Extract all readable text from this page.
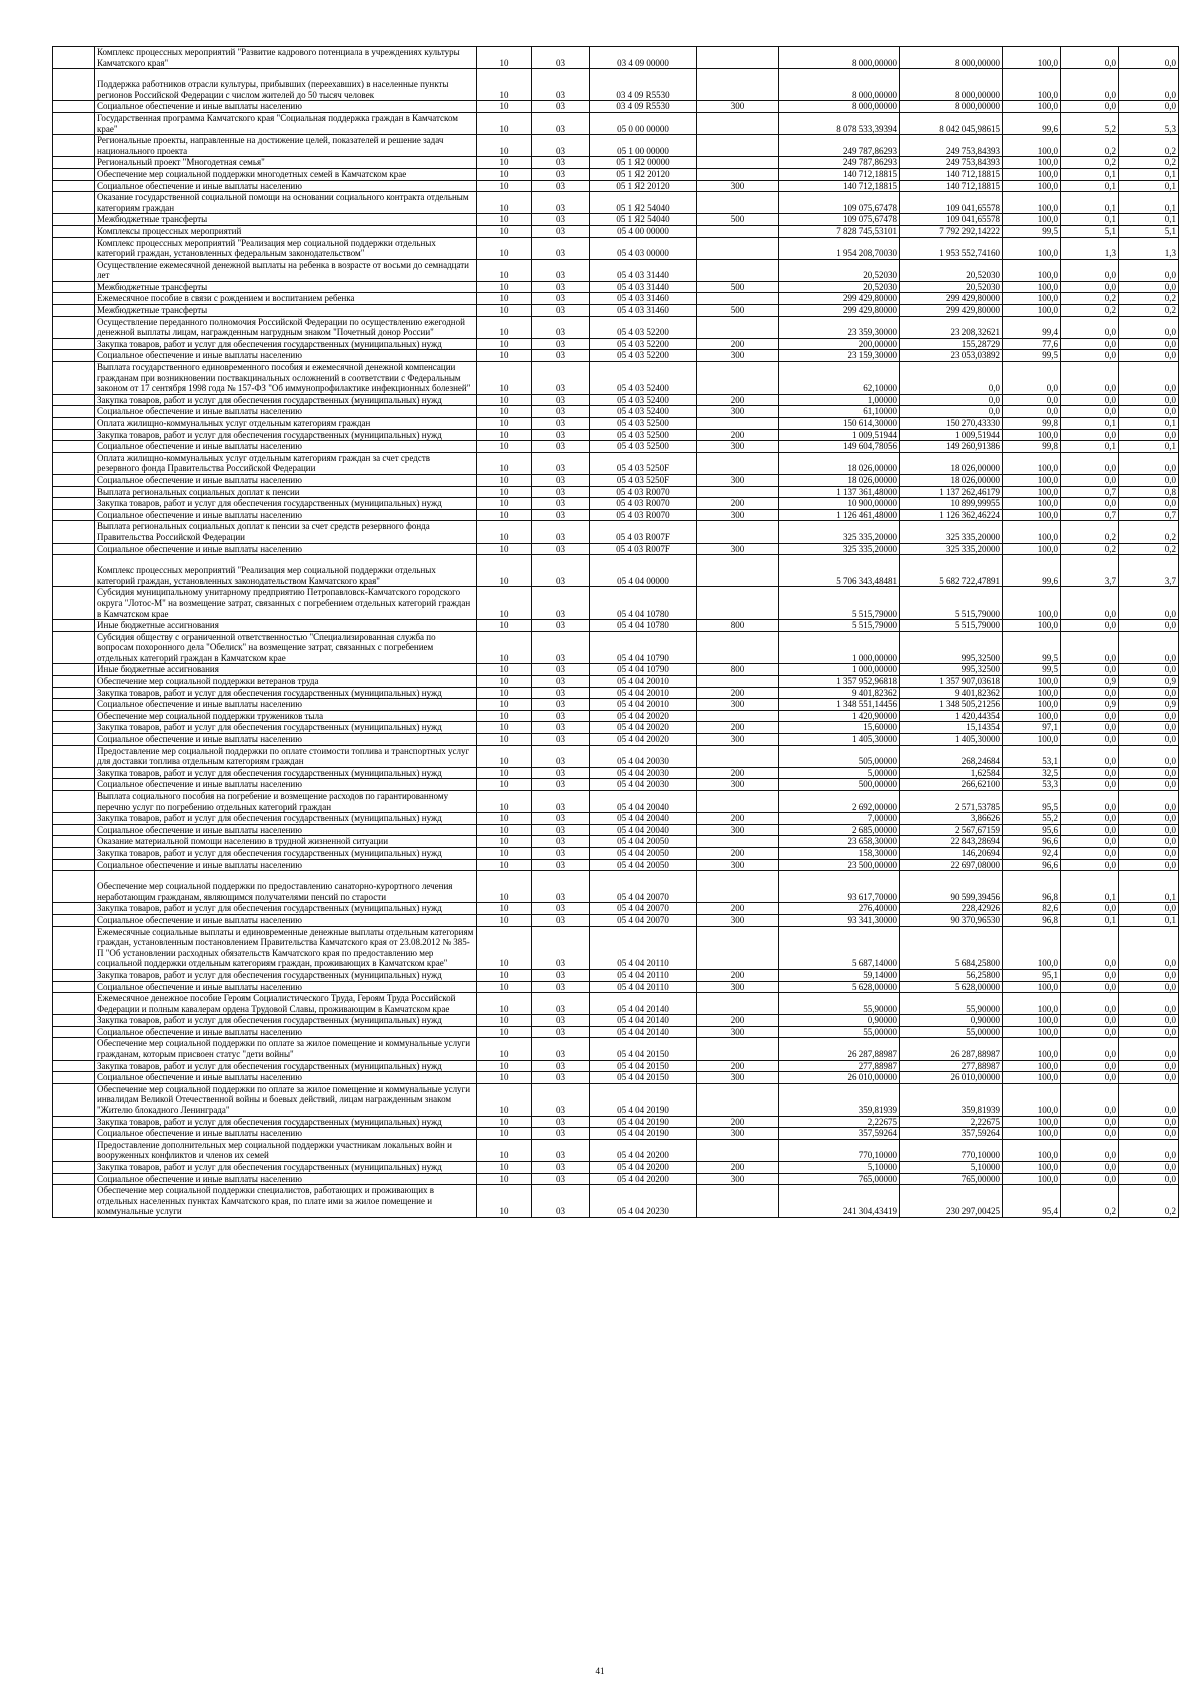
	Комплекс процессных мероприятий "Развитие кадрового потенциала в учреждениях культуры Камчатского края"	10	03	03 4 09 00000		8 000,00000	8 000,00000	100,0	0,0	0,0
	Поддержка работников отрасли культуры, прибывших (переехавших) в населенные пункты регионов Российской Федерации с числом жителей до 50 тысяч человек	10	03	03 4 09 R5530		8 000,00000	8 000,00000	100,0	0,0	0,0
	Социальное обеспечение и иные выплаты населению	10	03	03 4 09 R5530	300	8 000,00000	8 000,00000	100,0	0,0	0,0
	Государственная программа Камчатского края "Социальная поддержка граждан в Камчатском крае"	10	03	05 0 00 00000		8 078 533,39394	8 042 045,98615	99,6	5,2	5,3
	Региональные проекты, направленные на достижение целей, показателей и решение задач национального проекта	10	03	05 1 00 00000		249 787,86293	249 753,84393	100,0	0,2	0,2
	Региональный проект "Многодетная семья"	10	03	05 1 Я2 00000		249 787,86293	249 753,84393	100,0	0,2	0,2
	Обеспечение мер социальной поддержки многодетных семей в Камчатском крае	10	03	05 1 Я2 20120		140 712,18815	140 712,18815	100,0	0,1	0,1
	Социальное обеспечение и иные выплаты населению	10	03	05 1 Я2 20120	300	140 712,18815	140 712,18815	100,0	0,1	0,1
	Оказание государственной социальной помощи на основании социального контракта отдельным категориям граждан	10	03	05 1 Я2 54040		109 075,67478	109 041,65578	100,0	0,1	0,1
	Межбюджетные трансферты	10	03	05 1 Я2 54040	500	109 075,67478	109 041,65578	100,0	0,1	0,1
	Комплексы процессных мероприятий	10	03	05 4 00 00000		7 828 745,53101	7 792 292,14222	99,5	5,1	5,1
	Комплекс процессных мероприятий "Реализация мер социальной поддержки отдельных категорий граждан, установленных федеральным законодательством"	10	03	05 4 03 00000		1 954 208,70030	1 953 552,74160	100,0	1,3	1,3
	Осуществление ежемесячной денежной выплаты на ребенка в возрасте от восьми до семнадцати лет	10	03	05 4 03 31440		20,52030	20,52030	100,0	0,0	0,0
	Межбюджетные трансферты	10	03	05 4 03 31440	500	20,52030	20,52030	100,0	0,0	0,0
	Ежемесячное пособие в связи с рождением и воспитанием ребенка	10	03	05 4 03 31460		299 429,80000	299 429,80000	100,0	0,2	0,2
	Межбюджетные трансферты	10	03	05 4 03 31460	500	299 429,80000	299 429,80000	100,0	0,2	0,2
	Осуществление переданного полномочия Российской Федерации по осуществлению ежегодной денежной выплаты лицам, награжденным нагрудным знаком "Почетный донор России"	10	03	05 4 03 52200		23 359,30000	23 208,32621	99,4	0,0	0,0
	Закупка товаров, работ и услуг для обеспечения государственных (муниципальных) нужд	10	03	05 4 03 52200	200	200,00000	155,28729	77,6	0,0	0,0
	Социальное обеспечение и иные выплаты населению	10	03	05 4 03 52200	300	23 159,30000	23 053,03892	99,5	0,0	0,0
	Выплата государственного единовременного пособия и ежемесячной денежной компенсации гражданам при возникновении поствакцинальных осложнений в соответствии с Федеральным законом от 17 сентября 1998 года № 157-ФЗ "Об иммунопрофилактике инфекционных болезней"	10	03	05 4 03 52400		62,10000	0,0	0,0	0,0	0,0
	Закупка товаров, работ и услуг для обеспечения государственных (муниципальных) нужд	10	03	05 4 03 52400	200	1,00000	0,0	0,0	0,0	0,0
	Социальное обеспечение и иные выплаты населению	10	03	05 4 03 52400	300	61,10000	0,0	0,0	0,0	0,0
	Оплата жилищно-коммунальных услуг отдельным категориям граждан	10	03	05 4 03 52500		150 614,30000	150 270,43330	99,8	0,1	0,1
	Закупка товаров, работ и услуг для обеспечения государственных (муниципальных) нужд	10	03	05 4 03 52500	200	1 009,51944	1 009,51944	100,0	0,0	0,0
	Социальное обеспечение и иные выплаты населению	10	03	05 4 03 52500	300	149 604,78056	149 260,91386	99,8	0,1	0,1
	Оплата жилищно-коммунальных услуг отдельным категориям граждан за счет средств резервного фонда Правительства Российской Федерации	10	03	05 4 03 5250F		18 026,00000	18 026,00000	100,0	0,0	0,0
	Социальное обеспечение и иные выплаты населению	10	03	05 4 03 5250F	300	18 026,00000	18 026,00000	100,0	0,0	0,0
	Выплата региональных социальных доплат к пенсии	10	03	05 4 03 R0070		1 137 361,48000	1 137 262,46179	100,0	0,7	0,8
	Закупка товаров, работ и услуг для обеспечения государственных (муниципальных) нужд	10	03	05 4 03 R0070	200	10 900,00000	10 899,99955	100,0	0,0	0,0
	Социальное обеспечение и иные выплаты населению	10	03	05 4 03 R0070	300	1 126 461,48000	1 126 362,46224	100,0	0,7	0,7
	Выплата региональных социальных доплат к пенсии за счет средств резервного фонда Правительства Российской Федерации	10	03	05 4 03 R007F		325 335,20000	325 335,20000	100,0	0,2	0,2
	Социальное обеспечение и иные выплаты населению	10	03	05 4 03 R007F	300	325 335,20000	325 335,20000	100,0	0,2	0,2
	Комплекс процессных мероприятий "Реализация мер социальной поддержки отдельных категорий граждан, установленных законодательством Камчатского края"	10	03	05 4 04 00000		5 706 343,48481	5 682 722,47891	99,6	3,7	3,7
	Субсидия муниципальному унитарному предприятию Петропавловск-Камчатского городского округа "Лотос-М" на возмещение затрат, связанных с погребением отдельных категорий граждан в Камчатском крае	10	03	05 4 04 10780		5 515,79000	5 515,79000	100,0	0,0	0,0
	Иные бюджетные ассигнования	10	03	05 4 04 10780	800	5 515,79000	5 515,79000	100,0	0,0	0,0
	Субсидия обществу с ограниченной ответственностью "Специализированная служба по вопросам похоронного дела "Обелиск" на возмещение затрат, связанных с погребением отдельных категорий граждан в Камчатском крае	10	03	05 4 04 10790		1 000,00000	995,32500	99,5	0,0	0,0
	Иные бюджетные ассигнования	10	03	05 4 04 10790	800	1 000,00000	995,32500	99,5	0,0	0,0
	Обеспечение мер социальной поддержки ветеранов труда	10	03	05 4 04 20010		1 357 952,96818	1 357 907,03618	100,0	0,9	0,9
	Закупка товаров, работ и услуг для обеспечения государственных (муниципальных) нужд	10	03	05 4 04 20010	200	9 401,82362	9 401,82362	100,0	0,0	0,0
	Социальное обеспечение и иные выплаты населению	10	03	05 4 04 20010	300	1 348 551,14456	1 348 505,21256	100,0	0,9	0,9
	Обеспечение мер социальной поддержки тружеников тыла	10	03	05 4 04 20020		1 420,90000	1 420,44354	100,0	0,0	0,0
	Закупка товаров, работ и услуг для обеспечения государственных (муниципальных) нужд	10	03	05 4 04 20020	200	15,60000	15,14354	97,1	0,0	0,0
	Социальное обеспечение и иные выплаты населению	10	03	05 4 04 20020	300	1 405,30000	1 405,30000	100,0	0,0	0,0
	Предоставление мер социальной поддержки по оплате стоимости топлива и транспортных услуг для доставки топлива отдельным категориям граждан	10	03	05 4 04 20030		505,00000	268,24684	53,1	0,0	0,0
	Закупка товаров, работ и услуг для обеспечения государственных (муниципальных) нужд	10	03	05 4 04 20030	200	5,00000	1,62584	32,5	0,0	0,0
	Социальное обеспечение и иные выплаты населению	10	03	05 4 04 20030	300	500,00000	266,62100	53,3	0,0	0,0
	Выплата социального пособия на погребение и возмещение расходов по гарантированному перечню услуг по погребению отдельных категорий граждан	10	03	05 4 04 20040		2 692,00000	2 571,53785	95,5	0,0	0,0
	Закупка товаров, работ и услуг для обеспечения государственных (муниципальных) нужд	10	03	05 4 04 20040	200	7,00000	3,86626	55,2	0,0	0,0
	Социальное обеспечение и иные выплаты населению	10	03	05 4 04 20040	300	2 685,00000	2 567,67159	95,6	0,0	0,0
	Оказание материальной помощи населению в трудной жизненной ситуации	10	03	05 4 04 20050		23 658,30000	22 843,28694	96,6	0,0	0,0
	Закупка товаров, работ и услуг для обеспечения государственных (муниципальных) нужд	10	03	05 4 04 20050	200	158,30000	146,20694	92,4	0,0	0,0
	Социальное обеспечение и иные выплаты населению	10	03	05 4 04 20050	300	23 500,00000	22 697,08000	96,6	0,0	0,0
	Обеспечение мер социальной поддержки по предоставлению санаторно-курортного лечения неработающим гражданам, являющимся получателями пенсий по старости	10	03	05 4 04 20070		93 617,70000	90 599,39456	96,8	0,1	0,1
	Закупка товаров, работ и услуг для обеспечения государственных (муниципальных) нужд	10	03	05 4 04 20070	200	276,40000	228,42926	82,6	0,0	0,0
	Социальное обеспечение и иные выплаты населению	10	03	05 4 04 20070	300	93 341,30000	90 370,96530	96,8	0,1	0,1
	Ежемесячные социальные выплаты и единовременные денежные выплаты отдельным категориям граждан, установленным постановлением Правительства Камчатского края от 23.08.2012 № 385-П "Об установлении расходных обязательств Камчатского края по предоставлению мер социальной поддержки отдельным категориям граждан, проживающих в Камчатском крае"	10	03	05 4 04 20110		5 687,14000	5 684,25800	100,0	0,0	0,0
	Закупка товаров, работ и услуг для обеспечения государственных (муниципальных) нужд	10	03	05 4 04 20110	200	59,14000	56,25800	95,1	0,0	0,0
	Социальное обеспечение и иные выплаты населению	10	03	05 4 04 20110	300	5 628,00000	5 628,00000	100,0	0,0	0,0
	Ежемесячное денежное пособие Героям Социалистического Труда, Героям Труда Российской Федерации и полным кавалерам ордена Трудовой Славы, проживающим в Камчатском крае	10	03	05 4 04 20140		55,90000	55,90000	100,0	0,0	0,0
	Закупка товаров, работ и услуг для обеспечения государственных (муниципальных) нужд	10	03	05 4 04 20140	200	0,90000	0,90000	100,0	0,0	0,0
	Социальное обеспечение и иные выплаты населению	10	03	05 4 04 20140	300	55,00000	55,00000	100,0	0,0	0,0
	Обеспечение мер социальной поддержки по оплате за жилое помещение и коммунальные услуги гражданам, которым присвоен статус "дети войны"	10	03	05 4 04 20150		26 287,88987	26 287,88987	100,0	0,0	0,0
	Закупка товаров, работ и услуг для обеспечения государственных (муниципальных) нужд	10	03	05 4 04 20150	200	277,88987	277,88987	100,0	0,0	0,0
	Социальное обеспечение и иные выплаты населению	10	03	05 4 04 20150	300	26 010,00000	26 010,00000	100,0	0,0	0,0
	Обеспечение мер социальной поддержки по оплате за жилое помещение и коммунальные услуги инвалидам Великой Отечественной войны и боевых действий, лицам награжденным знаком "Жителю блокадного Ленинграда"	10	03	05 4 04 20190		359,81939	359,81939	100,0	0,0	0,0
	Закупка товаров, работ и услуг для обеспечения государственных (муниципальных) нужд	10	03	05 4 04 20190	200	2,22675	2,22675	100,0	0,0	0,0
	Социальное обеспечение и иные выплаты населению	10	03	05 4 04 20190	300	357,59264	357,59264	100,0	0,0	0,0
	Предоставление дополнительных мер социальной поддержки участникам локальных войн и вооруженных конфликтов и членов их семей	10	03	05 4 04 20200		770,10000	770,10000	100,0	0,0	0,0
	Закупка товаров, работ и услуг для обеспечения государственных (муниципальных) нужд	10	03	05 4 04 20200	200	5,10000	5,10000	100,0	0,0	0,0
	Социальное обеспечение и иные выплаты населению	10	03	05 4 04 20200	300	765,00000	765,00000	100,0	0,0	0,0
	Обеспечение мер социальной поддержки специалистов, работающих и проживающих в отдельных населенных пунктах Камчатского края, по плате ими за жилое помещение и коммунальные услуги	10	03	05 4 04 20230		241 304,43419	230 297,00425	95,4	0,2	0,2
41
